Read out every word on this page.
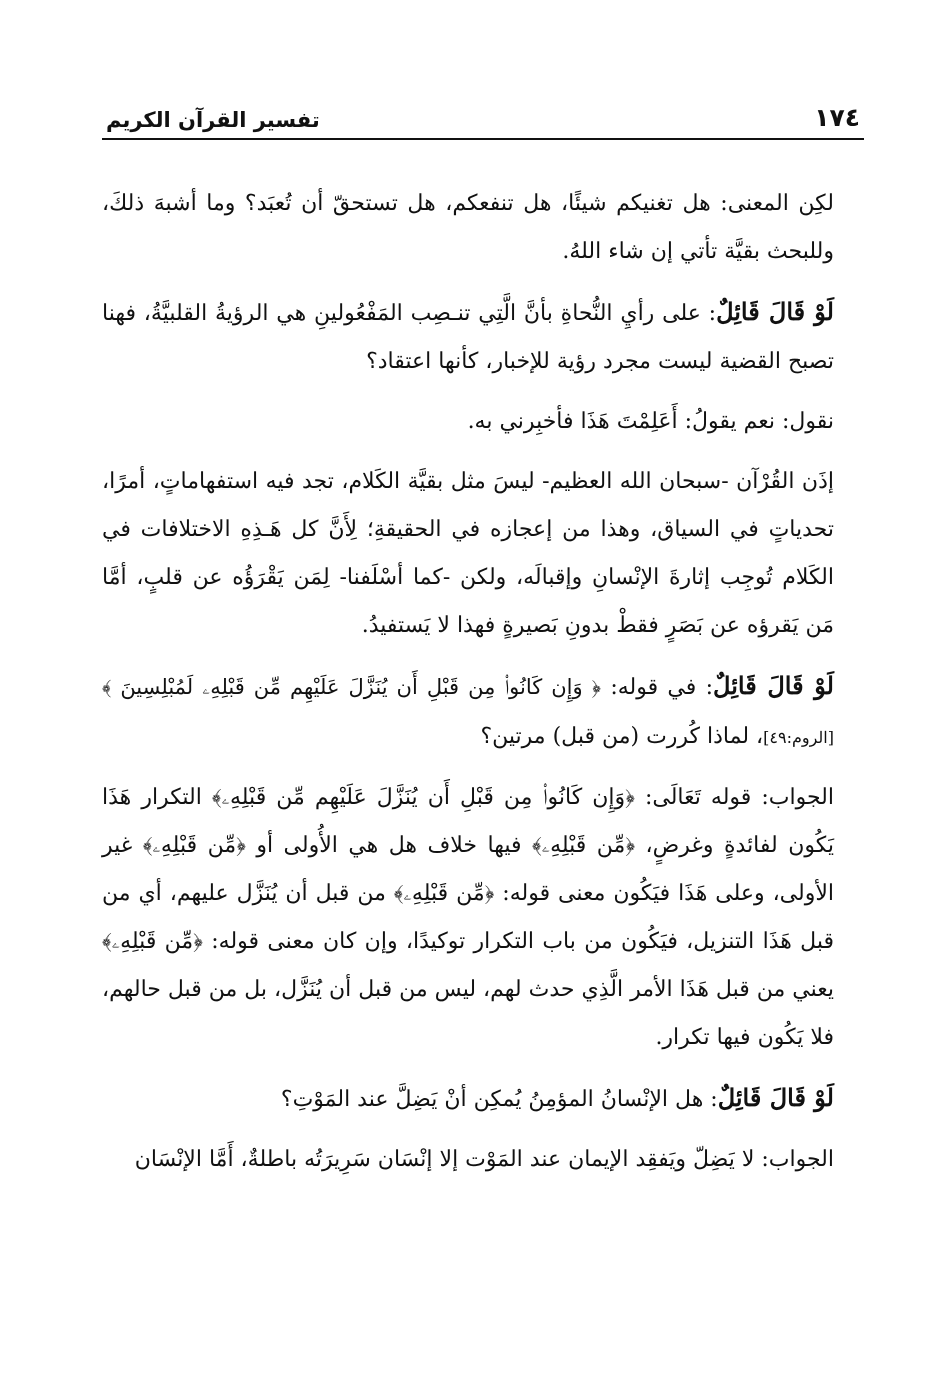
١٧٤
تفسير القرآن الكريم

لكِن المعنى: هل تغنيكم شيئًا، هل تنفعكم، هل تستحقّ أن تُعبَد؟ وما أشبهَ ذلكَ، وللبحث بقيَّة تأتي إن شاء اللهُ.

لَوْ قَالَ قَائِلٌ: على رأيِ النُّحاةِ بأنَّ الَّتِي تنـصِب المَفْعُولينِ هي الرؤيةُ القلبيَّةُ، فهنا تصبح القضية ليست مجرد رؤية للإخبار، كأنها اعتقاد؟

نقول: نعم يقولُ: أَعَلِمْتَ هَذَا فأخبِرني به.

إذَن القُرْآن -سبحان الله العظيم- ليسَ مثل بقيَّة الكَلام، تجد فيه استفهاماتٍ، أمرًا، تحدياتٍ في السياق، وهذا من إعجازه في الحقيقةِ؛ لِأَنَّ كل هَـذِهِ الاختلافات في الكَلام تُوجِب إثارةَ الإنْسانِ وإقبالَه، ولكن -كما أسْلَفنا- لِمَن يَقْرَؤُه عن قلبٍ، أمَّا مَن يَقرؤه عن بَصَرٍ فقطْ بدونِ بَصيرةٍ فهذا لا يَستفيدُ.

لَوْ قَالَ قَائِلٌ: في قوله: ﴿ وَإِن كَانُوا۟ مِن قَبْلِ أَن يُنَزَّلَ عَلَيْهِم مِّن قَبْلِهِۦ لَمُبْلِسِينَ ﴾ [الروم:٤٩]، لماذا كُررت (من قبل) مرتين؟

الجواب: قوله تَعَالَى: ﴿وَإِن كَانُوا۟ مِن قَبْلِ أَن يُنَزَّلَ عَلَيْهِم مِّن قَبْلِهِۦ﴾ التكرار هَذَا يَكُون لفائدةٍ وغرضٍ، ﴿مِّن قَبْلِهِۦ﴾ فيها خلاف هل هي الأُولى أو ﴿مِّن قَبْلِهِۦ﴾ غير الأولى، وعلى هَذَا فيَكُون معنى قوله: ﴿مِّن قَبْلِهِۦ﴾ من قبل أن يُنَزَّل عليهم، أي من قبل هَذَا التنزيل، فيَكُون من باب التكرار توكيدًا، وإن كان معنى قوله: ﴿مِّن قَبْلِهِۦ﴾ يعني من قبل هَذَا الأمر الَّذِي حدث لهم، ليس من قبل أن يُنَزَّل، بل من قبل حالهم، فلا يَكُون فيها تكرار.

لَوْ قَالَ قَائِلٌ: هل الإنْسانُ المؤمِنُ يُمكِن أنْ يَضِلَّ عند المَوْتِ؟

الجواب: لا يَضِلّ ويَفقِد الإيمان عند المَوْت إلا إنْسَان سَرِيرَتُه باطلةٌ، أَمَّا الإنْسَان
